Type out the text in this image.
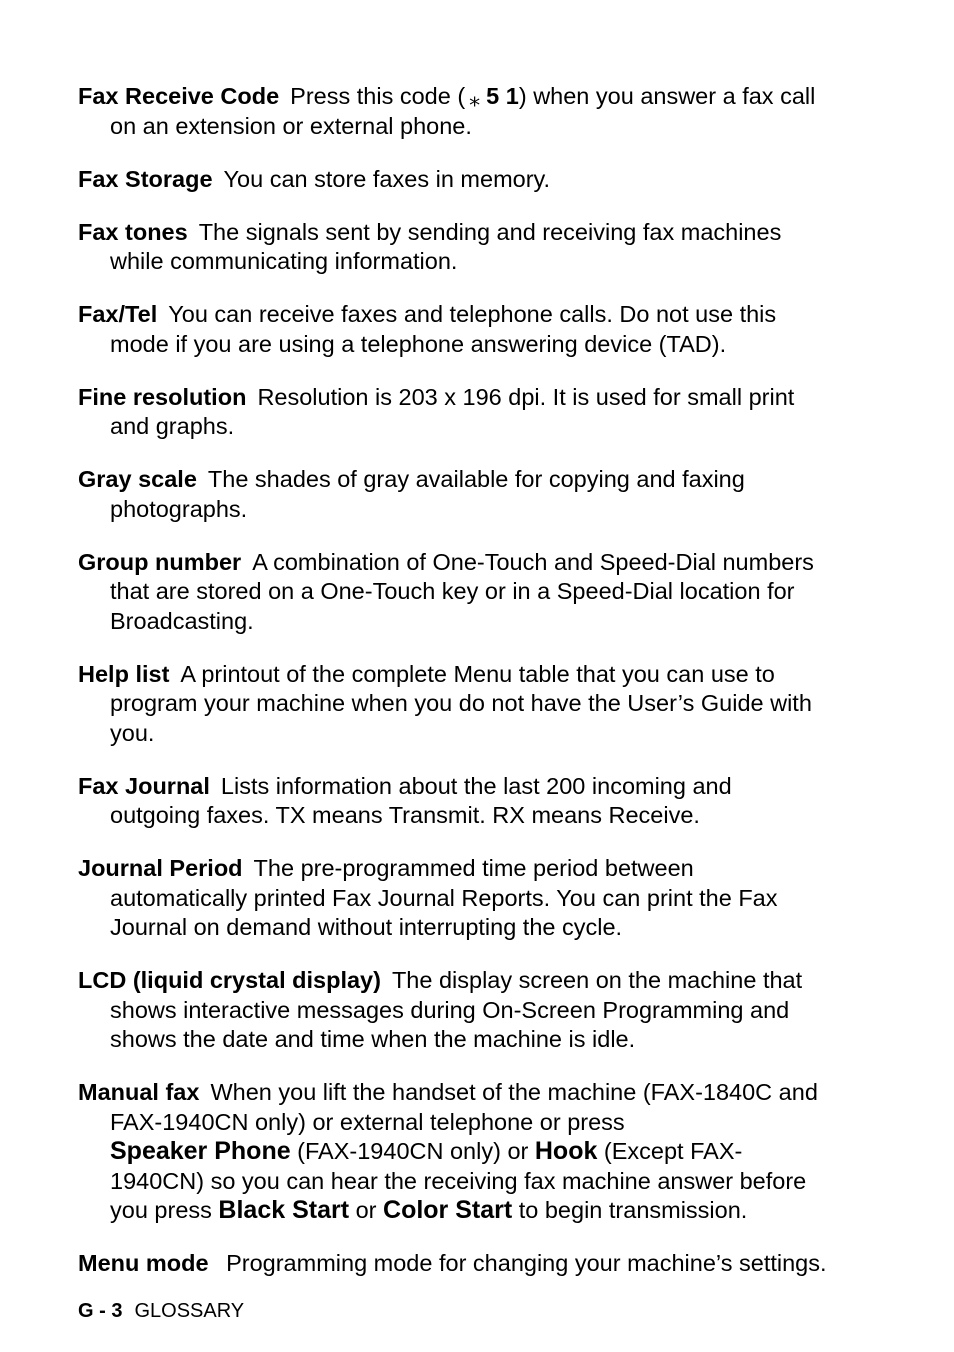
Fax Receive Code Press this code ( ⁎ 5 1) when you answer a fax call on an extension or external phone.

Fax Storage You can store faxes in memory.

Fax tones The signals sent by sending and receiving fax machines while communicating information.

Fax/Tel You can receive faxes and telephone calls. Do not use this mode if you are using a telephone answering device (TAD).

Fine resolution Resolution is 203 x 196 dpi. It is used for small print and graphs.

Gray scale The shades of gray available for copying and faxing photographs.

Group number A combination of One-Touch and Speed-Dial numbers that are stored on a One-Touch key or in a Speed-Dial location for Broadcasting.

Help list A printout of the complete Menu table that you can use to program your machine when you do not have the User’s Guide with you.

Fax Journal Lists information about the last 200 incoming and outgoing faxes. TX means Transmit. RX means Receive.

Journal Period The pre-programmed time period between automatically printed Fax Journal Reports. You can print the Fax Journal on demand without interrupting the cycle.

LCD (liquid crystal display) The display screen on the machine that shows interactive messages during On-Screen Programming and shows the date and time when the machine is idle.

Manual fax When you lift the handset of the machine (FAX-1840C and FAX-1940CN only) or external telephone or press
Speaker Phone (FAX-1940CN only) or Hook (Except FAX-1940CN) so you can hear the receiving fax machine answer before you press Black Start or Color Start to begin transmission.

Menu mode Programming mode for changing your machine’s settings.

G - 3 GLOSSARY
